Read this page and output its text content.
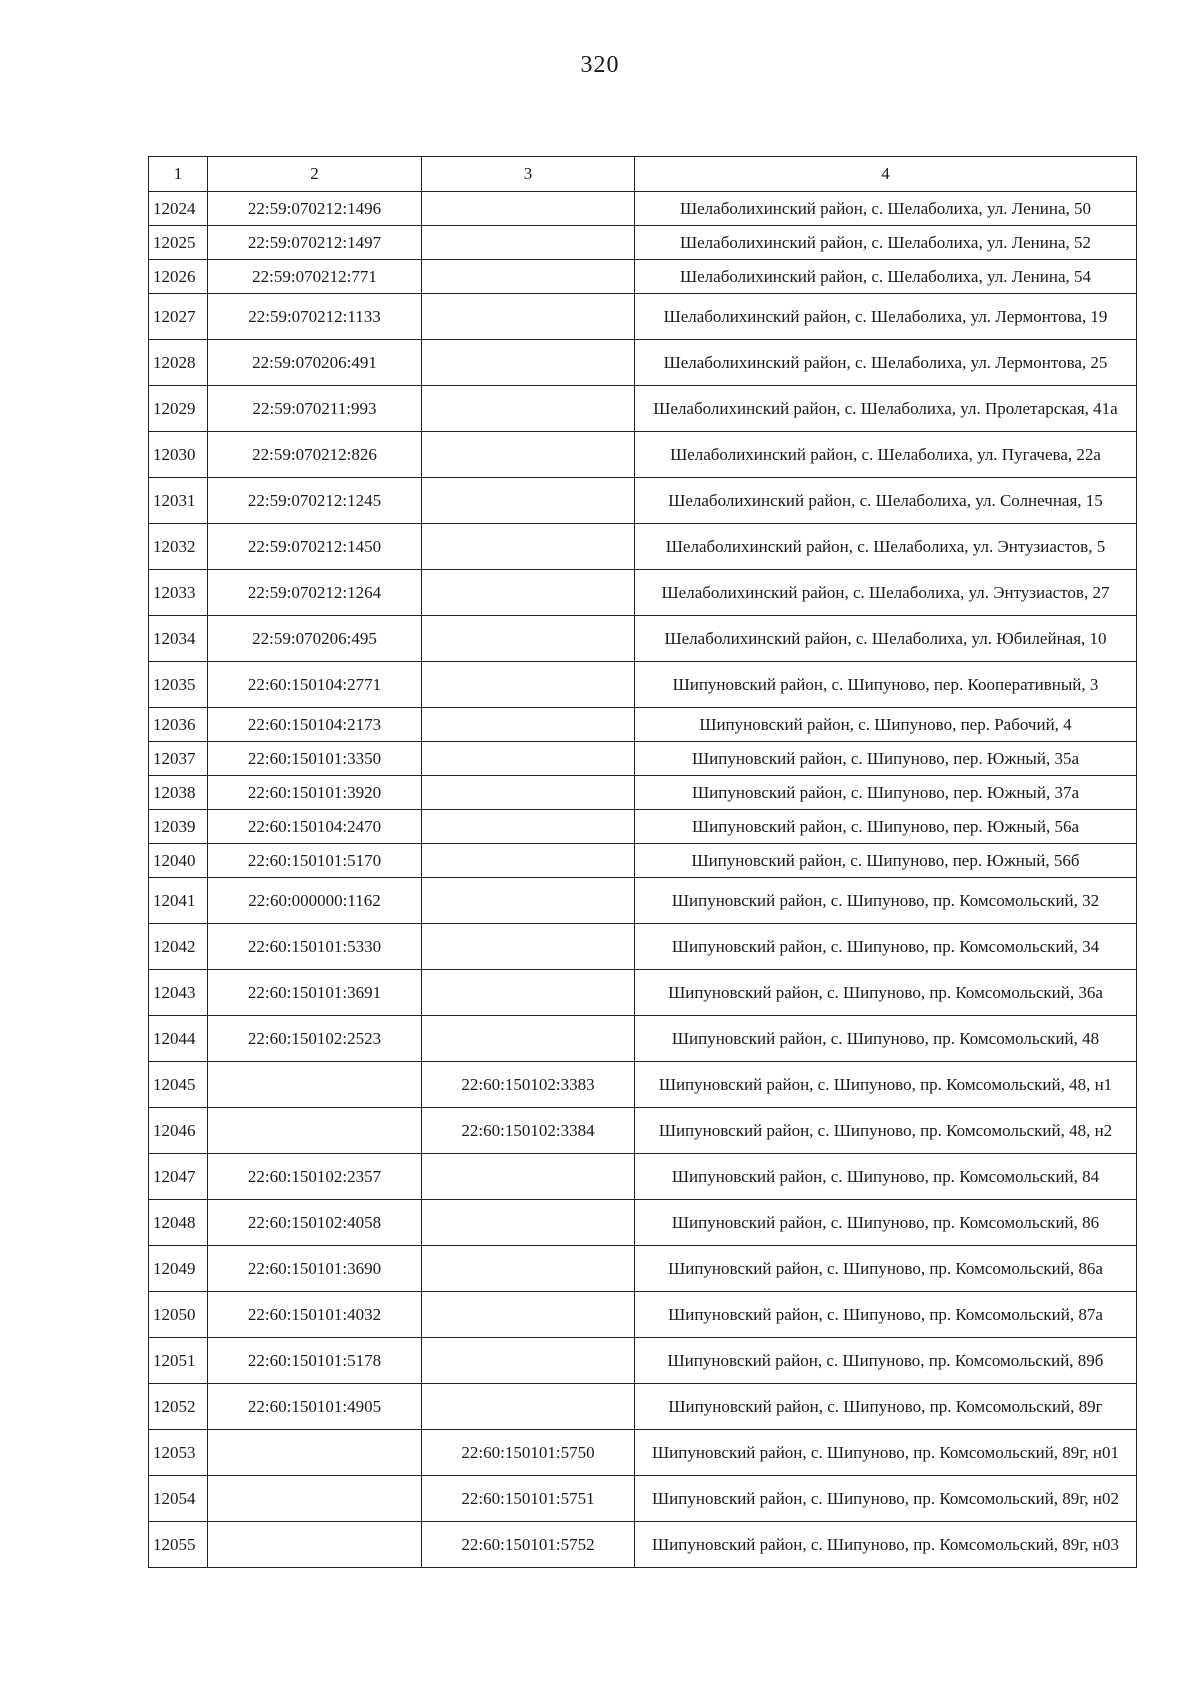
320
1	2	3	4
12024	22:59:070212:1496		Шелаболихинский район, с. Шелаболиха, ул. Ленина, 50
12025	22:59:070212:1497		Шелаболихинский район, с. Шелаболиха, ул. Ленина, 52
12026	22:59:070212:771		Шелаболихинский район, с. Шелаболиха, ул. Ленина, 54
12027	22:59:070212:1133		Шелаболихинский район, с. Шелаболиха, ул. Лермонтова, 19
12028	22:59:070206:491		Шелаболихинский район, с. Шелаболиха, ул. Лермонтова, 25
12029	22:59:070211:993		Шелаболихинский район, с. Шелаболиха, ул. Пролетарская, 41а
12030	22:59:070212:826		Шелаболихинский район, с. Шелаболиха, ул. Пугачева, 22а
12031	22:59:070212:1245		Шелаболихинский район, с. Шелаболиха, ул. Солнечная, 15
12032	22:59:070212:1450		Шелаболихинский район, с. Шелаболиха, ул. Энтузиастов, 5
12033	22:59:070212:1264		Шелаболихинский район, с. Шелаболиха, ул. Энтузиастов, 27
12034	22:59:070206:495		Шелаболихинский район, с. Шелаболиха, ул. Юбилейная, 10
12035	22:60:150104:2771		Шипуновский район, с. Шипуново, пер. Кооперативный, 3
12036	22:60:150104:2173		Шипуновский район, с. Шипуново, пер. Рабочий, 4
12037	22:60:150101:3350		Шипуновский район, с. Шипуново, пер. Южный, 35а
12038	22:60:150101:3920		Шипуновский район, с. Шипуново, пер. Южный, 37а
12039	22:60:150104:2470		Шипуновский район, с. Шипуново, пер. Южный, 56а
12040	22:60:150101:5170		Шипуновский район, с. Шипуново, пер. Южный, 56б
12041	22:60:000000:1162		Шипуновский район, с. Шипуново, пр. Комсомольский, 32
12042	22:60:150101:5330		Шипуновский район, с. Шипуново, пр. Комсомольский, 34
12043	22:60:150101:3691		Шипуновский район, с. Шипуново, пр. Комсомольский, 36а
12044	22:60:150102:2523		Шипуновский район, с. Шипуново, пр. Комсомольский, 48
12045		22:60:150102:3383	Шипуновский район, с. Шипуново, пр. Комсомольский, 48, н1
12046		22:60:150102:3384	Шипуновский район, с. Шипуново, пр. Комсомольский, 48, н2
12047	22:60:150102:2357		Шипуновский район, с. Шипуново, пр. Комсомольский, 84
12048	22:60:150102:4058		Шипуновский район, с. Шипуново, пр. Комсомольский, 86
12049	22:60:150101:3690		Шипуновский район, с. Шипуново, пр. Комсомольский, 86а
12050	22:60:150101:4032		Шипуновский район, с. Шипуново, пр. Комсомольский, 87а
12051	22:60:150101:5178		Шипуновский район, с. Шипуново, пр. Комсомольский, 89б
12052	22:60:150101:4905		Шипуновский район, с. Шипуново, пр. Комсомольский, 89г
12053		22:60:150101:5750	Шипуновский район, с. Шипуново, пр. Комсомольский, 89г, н01
12054		22:60:150101:5751	Шипуновский район, с. Шипуново, пр. Комсомольский, 89г, н02
12055		22:60:150101:5752	Шипуновский район, с. Шипуново, пр. Комсомольский, 89г, н03
